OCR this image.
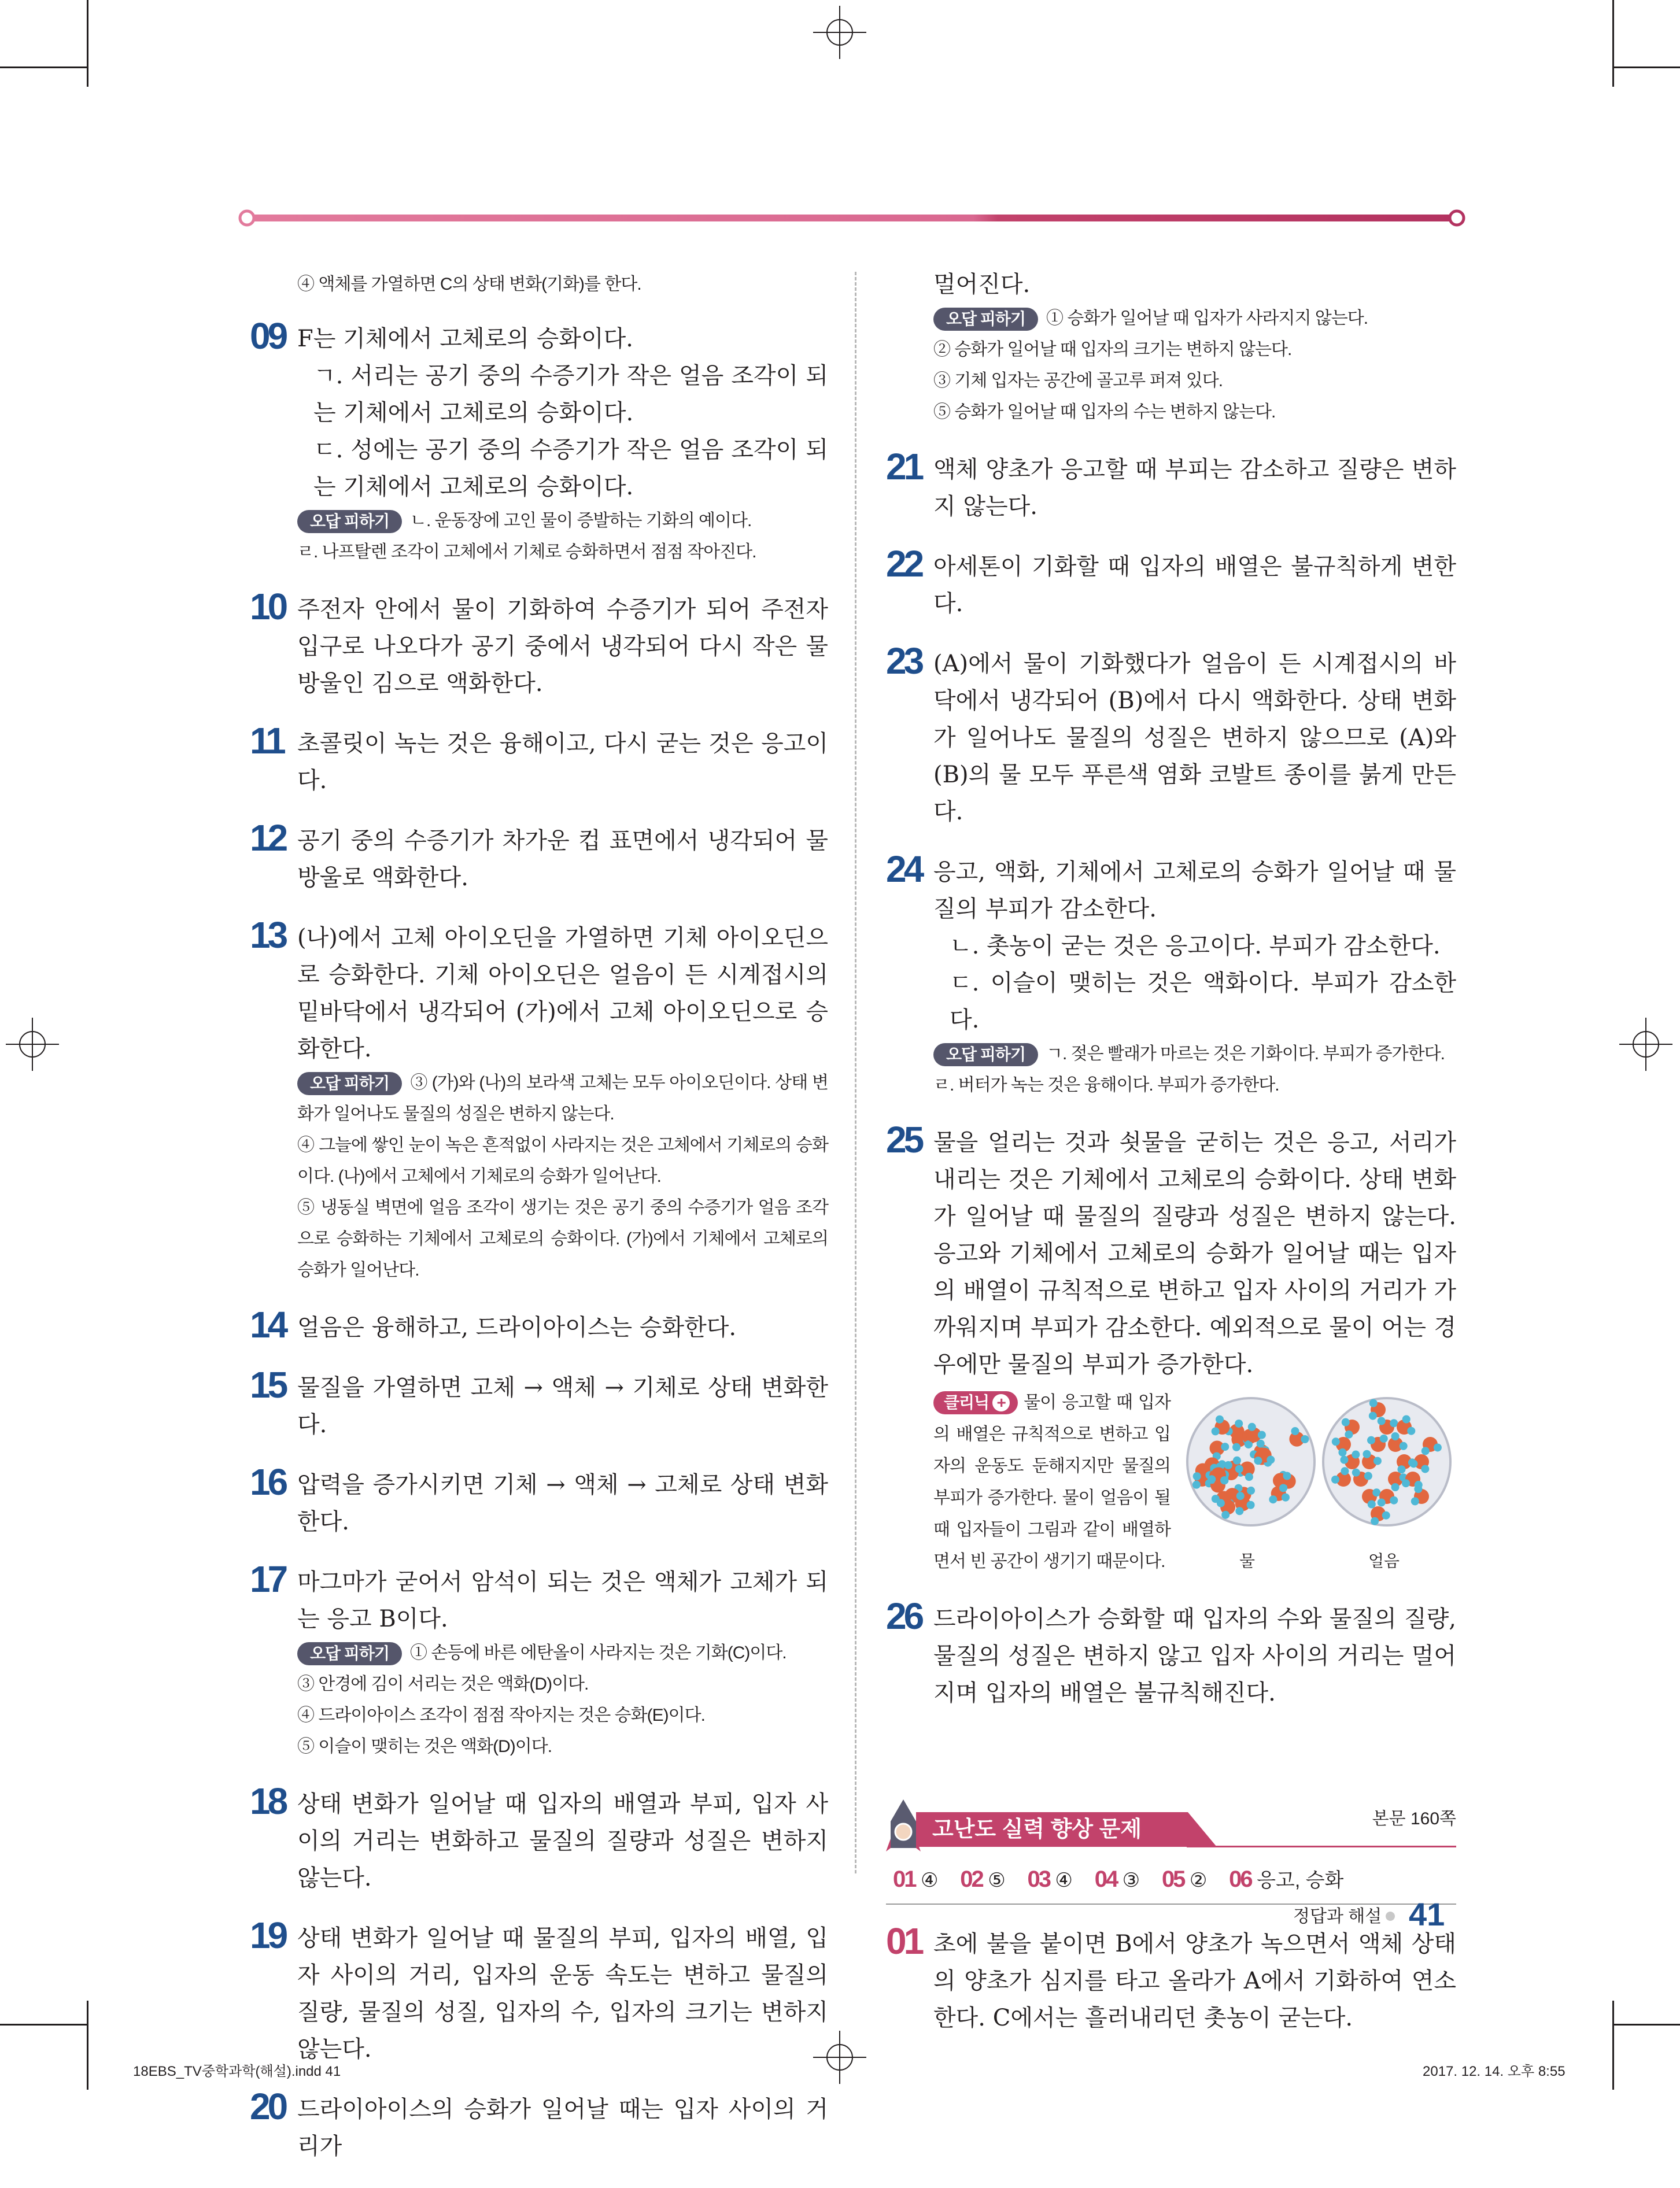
④ 액체를 가열하면 C의 상태 변화(기화)를 한다.
09 F는 기체에서 고체로의 승화이다.
ㄱ. 서리는 공기 중의 수증기가 작은 얼음 조각이 되는 기체에서 고체로의 승화이다.
ㄷ. 성에는 공기 중의 수증기가 작은 얼음 조각이 되는 기체에서 고체로의 승화이다.
오답 피하기 ㄴ. 운동장에 고인 물이 증발하는 기화의 예이다.
ㄹ. 나프탈렌 조각이 고체에서 기체로 승화하면서 점점 작아진다.
10 주전자 안에서 물이 기화하여 수증기가 되어 주전자 입구로 나오다가 공기 중에서 냉각되어 다시 작은 물방울인 김으로 액화한다.
11 초콜릿이 녹는 것은 융해이고, 다시 굳는 것은 응고이다.
12 공기 중의 수증기가 차가운 컵 표면에서 냉각되어 물방울로 액화한다.
13 (나)에서 고체 아이오딘을 가열하면 기체 아이오딘으로 승화한다. 기체 아이오딘은 얼음이 든 시계접시의 밑바닥에서 냉각되어 (가)에서 고체 아이오딘으로 승화한다.
오답 피하기 ③ (가)와 (나)의 보라색 고체는 모두 아이오딘이다. 상태 변화가 일어나도 물질의 성질은 변하지 않는다.
④ 그늘에 쌓인 눈이 녹은 흔적없이 사라지는 것은 고체에서 기체로의 승화이다. (나)에서 고체에서 기체로의 승화가 일어난다.
⑤ 냉동실 벽면에 얼음 조각이 생기는 것은 공기 중의 수증기가 얼음 조각으로 승화하는 기체에서 고체로의 승화이다. (가)에서 기체에서 고체로의 승화가 일어난다.
14 얼음은 융해하고, 드라이아이스는 승화한다.
15 물질을 가열하면 고체 → 액체 → 기체로 상태 변화한다.
16 압력을 증가시키면 기체 → 액체 → 고체로 상태 변화한다.
17 마그마가 굳어서 암석이 되는 것은 액체가 고체가 되는 응고 B이다.
오답 피하기 ① 손등에 바른 에탄올이 사라지는 것은 기화(C)이다.
③ 안경에 김이 서리는 것은 액화(D)이다.
④ 드라이아이스 조각이 점점 작아지는 것은 승화(E)이다.
⑤ 이슬이 맺히는 것은 액화(D)이다.
18 상태 변화가 일어날 때 입자의 배열과 부피, 입자 사이의 거리는 변화하고 물질의 질량과 성질은 변하지 않는다.
19 상태 변화가 일어날 때 물질의 부피, 입자의 배열, 입자 사이의 거리, 입자의 운동 속도는 변하고 물질의 질량, 물질의 성질, 입자의 수, 입자의 크기는 변하지 않는다.
20 드라이아이스의 승화가 일어날 때는 입자 사이의 거리가
멀어진다.
오답 피하기 ① 승화가 일어날 때 입자가 사라지지 않는다.
② 승화가 일어날 때 입자의 크기는 변하지 않는다.
③ 기체 입자는 공간에 골고루 퍼져 있다.
⑤ 승화가 일어날 때 입자의 수는 변하지 않는다.
21 액체 양초가 응고할 때 부피는 감소하고 질량은 변하지 않는다.
22 아세톤이 기화할 때 입자의 배열은 불규칙하게 변한다.
23 (A)에서 물이 기화했다가 얼음이 든 시계접시의 바닥에서 냉각되어 (B)에서 다시 액화한다. 상태 변화가 일어나도 물질의 성질은 변하지 않으므로 (A)와 (B)의 물 모두 푸른색 염화 코발트 종이를 붉게 만든다.
24 응고, 액화, 기체에서 고체로의 승화가 일어날 때 물질의 부피가 감소한다.
ㄴ. 촛농이 굳는 것은 응고이다. 부피가 감소한다.
ㄷ. 이슬이 맺히는 것은 액화이다. 부피가 감소한다.
오답 피하기 ㄱ. 젖은 빨래가 마르는 것은 기화이다. 부피가 증가한다.
ㄹ. 버터가 녹는 것은 융해이다. 부피가 증가한다.
25 물을 얼리는 것과 쇳물을 굳히는 것은 응고, 서리가 내리는 것은 기체에서 고체로의 승화이다. 상태 변화가 일어날 때 물질의 질량과 성질은 변하지 않는다. 응고와 기체에서 고체로의 승화가 일어날 때는 입자의 배열이 규칙적으로 변하고 입자 사이의 거리가 가까워지며 부피가 감소한다. 예외적으로 물이 어는 경우에만 물질의 부피가 증가한다.
클리닉 + 물이 응고할 때 입자의 배열은 규칙적으로 변하고 입자의 운동도 둔해지지만 물질의 부피가 증가한다. 물이 얼음이 될 때 입자들이 그림과 같이 배열하면서 빈 공간이 생기기 때문이다.	물	얼음
26 드라이아이스가 승화할 때 입자의 수와 물질의 질량, 물질의 성질은 변하지 않고 입자 사이의 거리는 멀어지며 입자의 배열은 불규칙해진다.
고난도 실력 향상 문제	본문 160쪽
01 ④ 02 ⑤ 03 ④ 04 ③ 05 ② 06 응고, 승화
01 초에 불을 붙이면 B에서 양초가 녹으면서 액체 상태의 양초가 심지를 타고 올라가 A에서 기화하여 연소한다. C에서는 흘러내리던 촛농이 굳는다.
정답과 해설 41
18EBS_TV중학과학(해설).indd 41	2017. 12. 14. 오후 8:55
